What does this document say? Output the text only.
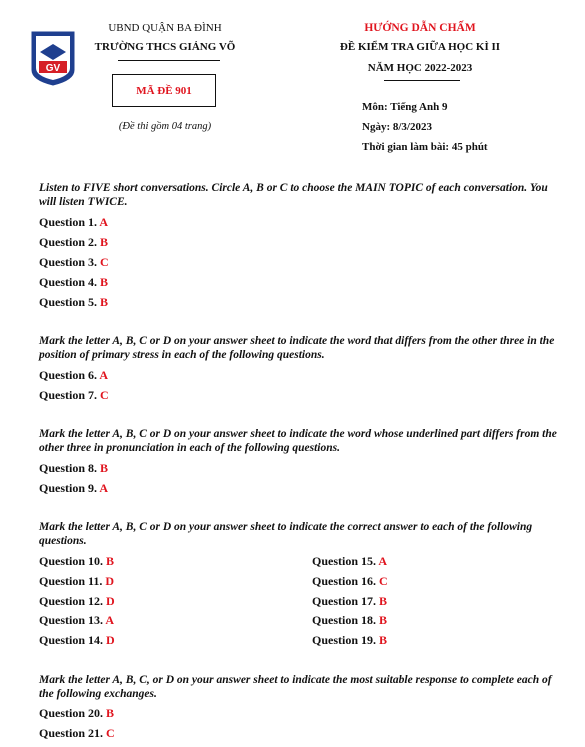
GV
UBND QUẬN BA ĐÌNH
TRƯỜNG THCS GIẢNG VÕ
MÃ ĐỀ 901
(Đề thi gồm 04 trang)
HƯỚNG DẪN CHẤM
ĐỀ KIỂM TRA GIỮA HỌC KÌ II
NĂM HỌC 2022-2023
Môn: Tiếng Anh 9
Ngày: 8/3/2023
Thời gian làm bài: 45 phút
Listen to FIVE short conversations. Circle A, B or C to choose the MAIN TOPIC of each conversation. You will listen TWICE.
Question 1. A
Question 2. B
Question 3. C
Question 4. B
Question 5. B
Mark the letter A, B, C or D on your answer sheet to indicate the word that differs from the other three in the position of primary stress in each of the following questions.
Question 6. A
Question 7. C
Mark the letter A, B, C or D on your answer sheet to indicate the word whose underlined part differs from the other three in pronunciation in each of the following questions.
Question 8. B
Question 9. A
Mark the letter A, B, C or D on your answer sheet to indicate the correct answer to each of the following questions.
Question 10. B
Question 11. D
Question 12. D
Question 13. A
Question 14. D
Question 15. A
Question 16. C
Question 17. B
Question 18. B
Question 19. B
Mark the letter A, B, C, or D on your answer sheet to indicate the most suitable response to complete each of the following exchanges.
Question 20. B
Question 21. C
